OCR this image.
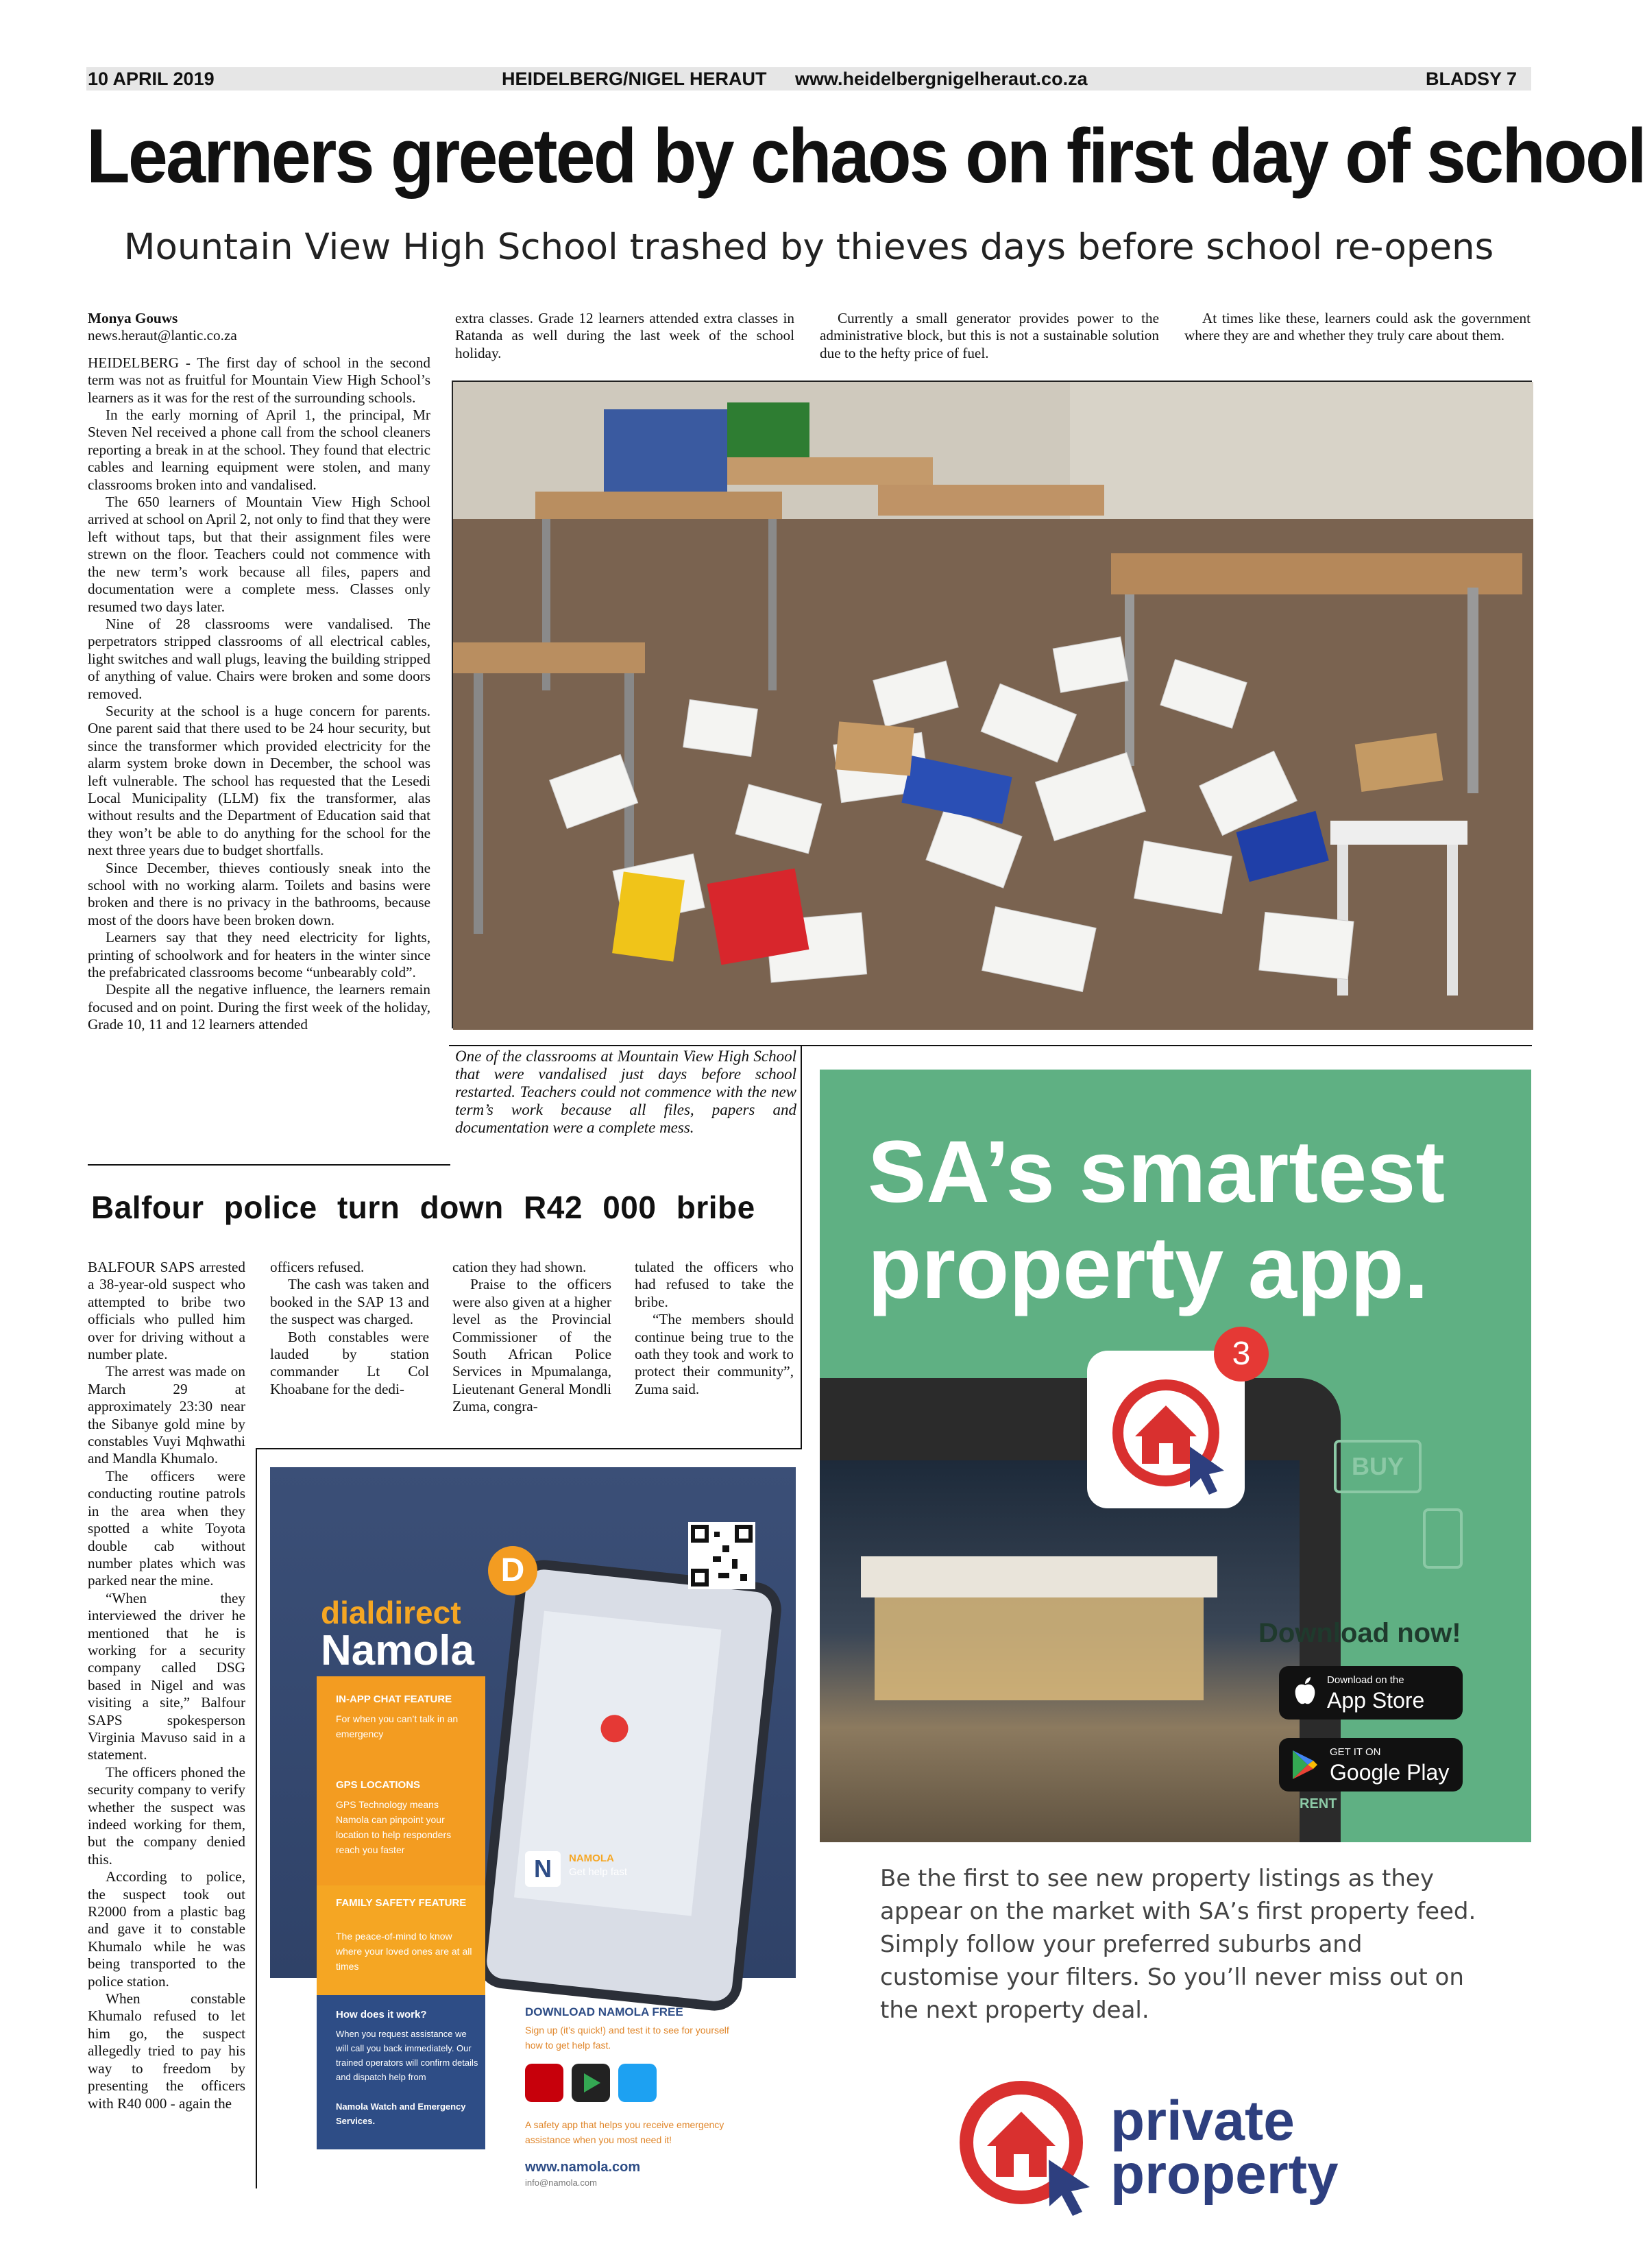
10 APRIL 2019	HEIDELBERG/NIGEL HERAUT www.heidelbergnigelheraut.co.za	BLADSY 7
Learners greeted by chaos on first day of school
Mountain View High School trashed by thieves days before school re-opens

Monya Gouws

news.heraut@lantic.co.za

HEIDELBERG - The first day of school in the second term was not as fruitful for Mountain View High School’s learners as it was for the rest of the surrounding schools.

In the early morning of April 1, the principal, Mr Steven Nel received a phone call from the school cleaners reporting a break in at the school. They found that electric cables and learning equipment were stolen, and many classrooms broken into and vandalised.

The 650 learners of Mountain View High School arrived at school on April 2, not only to find that they were left without taps, but that their assignment files were strewn on the floor. Teachers could not commence with the new term’s work because all files, papers and documentation were a complete mess. Classes only resumed two days later.

Nine of 28 classrooms were vandalised. The perpetrators stripped classrooms of all electrical cables, light switches and wall plugs, leaving the building stripped of anything of value. Chairs were broken and some doors removed.

Security at the school is a huge concern for parents. One parent said that there used to be 24 hour security, but since the transformer which provided electricity for the alarm system broke down in December, the school was left vulnerable. The school has requested that the Lesedi Local Municipality (LLM) fix the transformer, alas without results and the Department of Education said that they won’t be able to do anything for the school for the next three years due to budget shortfalls.

Since December, thieves contiously sneak into the school with no working alarm. Toilets and basins were broken and there is no privacy in the bathrooms, because most of the doors have been broken down.

Learners say that they need electricity for lights, printing of schoolwork and for heaters in the winter since the prefabricated classrooms become “unbearably cold”.

Despite all the negative influence, the learners remain focused and on point. During the first week of the holiday, Grade 10, 11 and 12 learners attended

extra classes. Grade 12 learners attended extra classes in Ratanda as well during the last week of the school holiday.

Currently a small generator provides power to the administrative block, but this is not a sustainable solution due to the hefty price of fuel.

At times like these, learners could ask the government where they are and whether they truly care about them.

One of the classrooms at Mountain View High School that were vandalised just days before school restarted. Teachers could not commence with the new term’s work because all files, papers and documentation were a complete mess.
Balfour police turn down R42 000 bribe

BALFOUR SAPS arrested a 38-year-old suspect who attempted to bribe two officials who pulled him over for driving without a number plate.

The arrest was made on March 29 at approximately 23:30 near the Sibanye gold mine by constables Vuyi Mqhwathi and Mandla Khumalo.

The officers were conducting routine patrols in the area when they spotted a white Toyota double cab without number plates which was parked near the mine.

“When they interviewed the driver he mentioned that he is working for a security company called DSG based in Nigel and was visiting a site,” Balfour SAPS spokesperson Virginia Mavuso said in a statement.

The officers phoned the security company to verify whether the suspect was indeed working for them, but the company denied this.

According to police, the suspect took out R2000 from a plastic bag and gave it to constable Khumalo while he was being transported to the police station.

When constable Khumalo refused to let him go, the suspect allegedly tried to pay his way to freedom by presenting the officers with R40 000 - again the

officers refused.

The cash was taken and booked in the SAP 13 and the suspect was charged.

Both constables were lauded by station commander Lt Col Khoabane for the dedi-

cation they had shown.

Praise to the officers were also given at a higher level as the Provincial Commissioner of the South African Police Services in Mpumalanga, Lieutenant General Mondli Zuma, congra-

tulated the officers who had refused to take the bribe.

“The members should continue being true to the oath they took and work to protect their community”, Zuma said.

dialdirect
Namola
D
IN-APP CHAT FEATURE
For when you can’t talk in an emergency
GPS LOCATIONS
GPS Technology means Namola can pinpoint your location to help responders reach you faster
FAMILY SAFETY FEATURE
The peace-of-mind to know where your loved ones are at all times
How does it work?
When you request assistance we will call you back immediately. Our trained operators will confirm details and dispatch help from
Namola Watch and Emergency Services.
N	NAMOLA
Get help fast
DOWNLOAD NAMOLA FREE
Sign up (it’s quick!) and test it to see for yourself how to get help fast.
A safety app that helps you receive emergency assistance when you most need it!
www.namola.com
info@namola.com
SA’s smartest property app.
3
BUY
RENT
Download now!
Download on the
App Store
GET IT ON
Google Play
Be the first to see new property listings as they appear on the market with SA’s first property feed. Simply follow your preferred suburbs and customise your filters. So you’ll never miss out on the next property deal.
private
property
